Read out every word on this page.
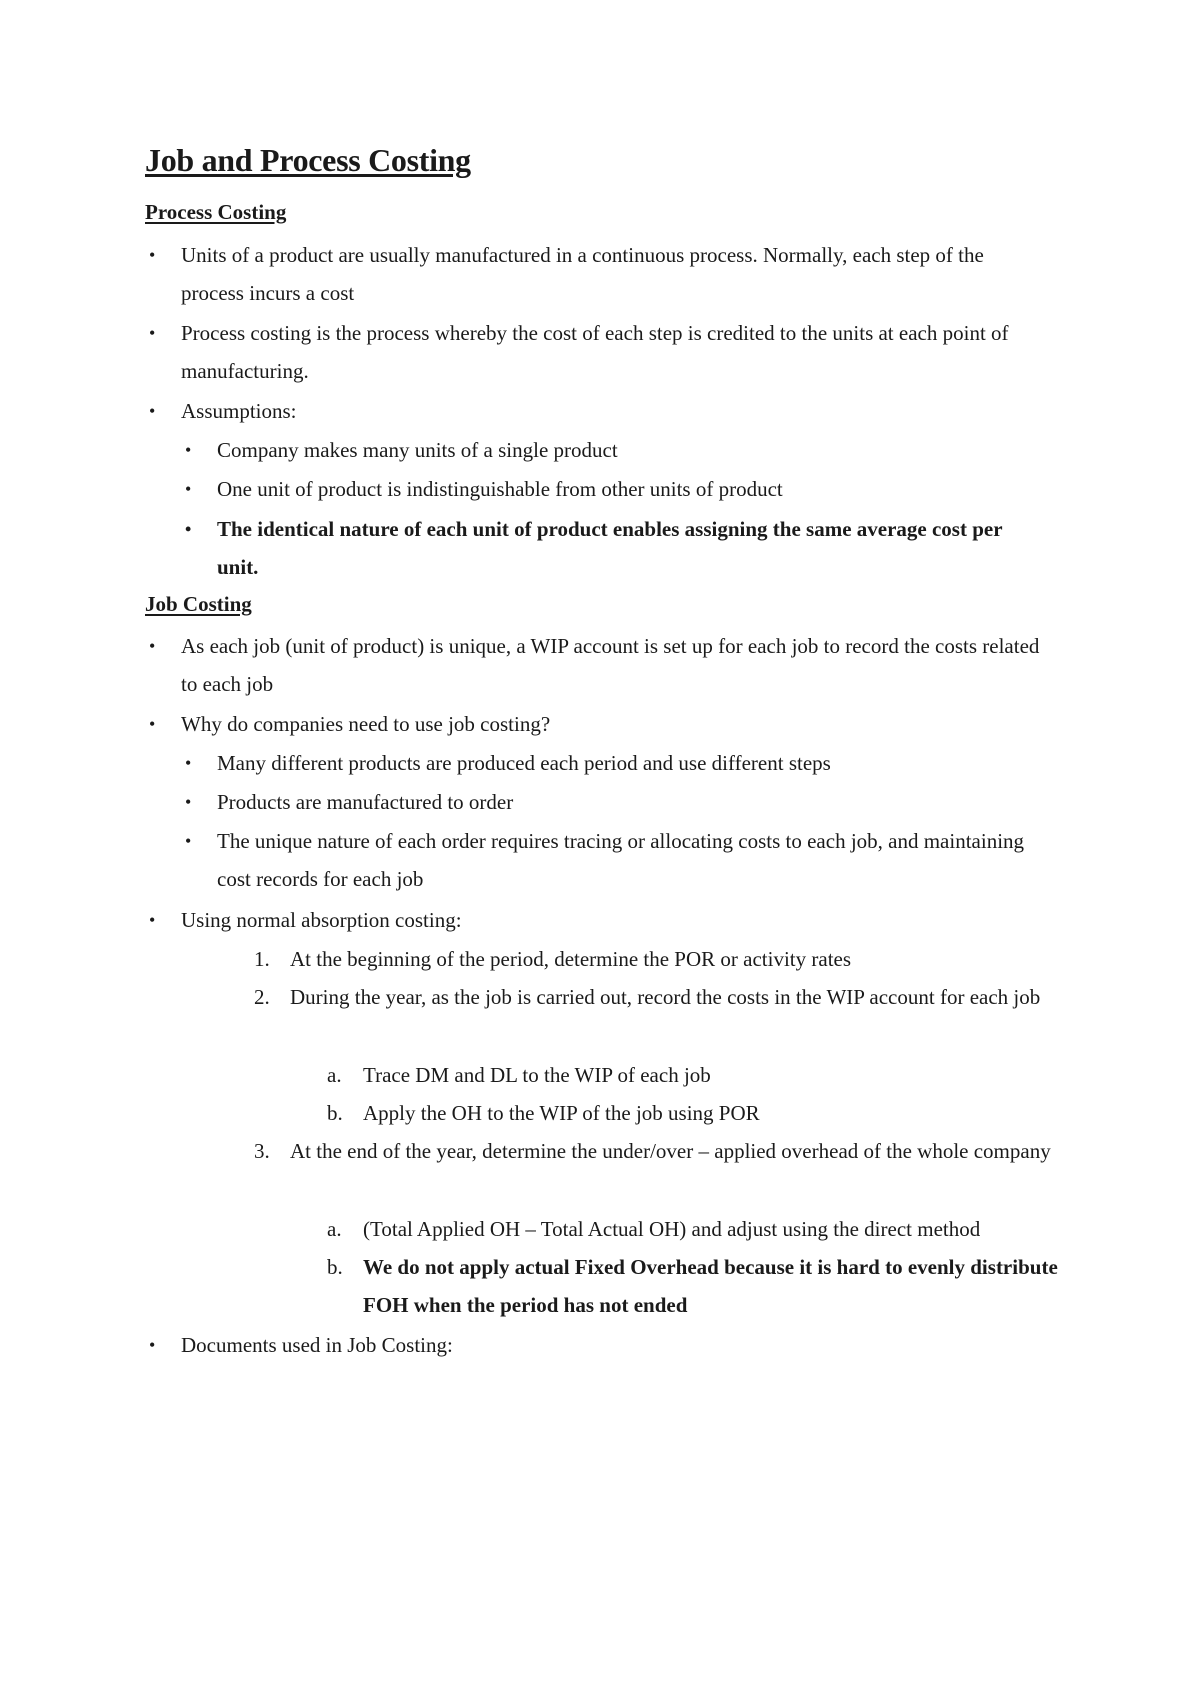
Job and Process Costing
Process Costing
• Units of a product are usually manufactured in a continuous process. Normally, each step of the process incurs a cost
• Process costing is the process whereby the cost of each step is credited to the units at each point of manufacturing.
• Assumptions:
• Company makes many units of a single product
• One unit of product is indistinguishable from other units of product
• The identical nature of each unit of product enables assigning the same average cost per unit.
Job Costing
• As each job (unit of product) is unique, a WIP account is set up for each job to record the costs related to each job
• Why do companies need to use job costing?
• Many different products are produced each period and use different steps
• Products are manufactured to order
• The unique nature of each order requires tracing or allocating costs to each job, and maintaining cost records for each job
• Using normal absorption costing:
1. At the beginning of the period, determine the POR or activity rates
2. During the year, as the job is carried out, record the costs in the WIP account for each job
a. Trace DM and DL to the WIP of each job
b. Apply the OH to the WIP of the job using POR
3. At the end of the year, determine the under/over – applied overhead of the whole company
a. (Total Applied OH – Total Actual OH) and adjust using the direct method
b. We do not apply actual Fixed Overhead because it is hard to evenly distribute FOH when the period has not ended
• Documents used in Job Costing:
